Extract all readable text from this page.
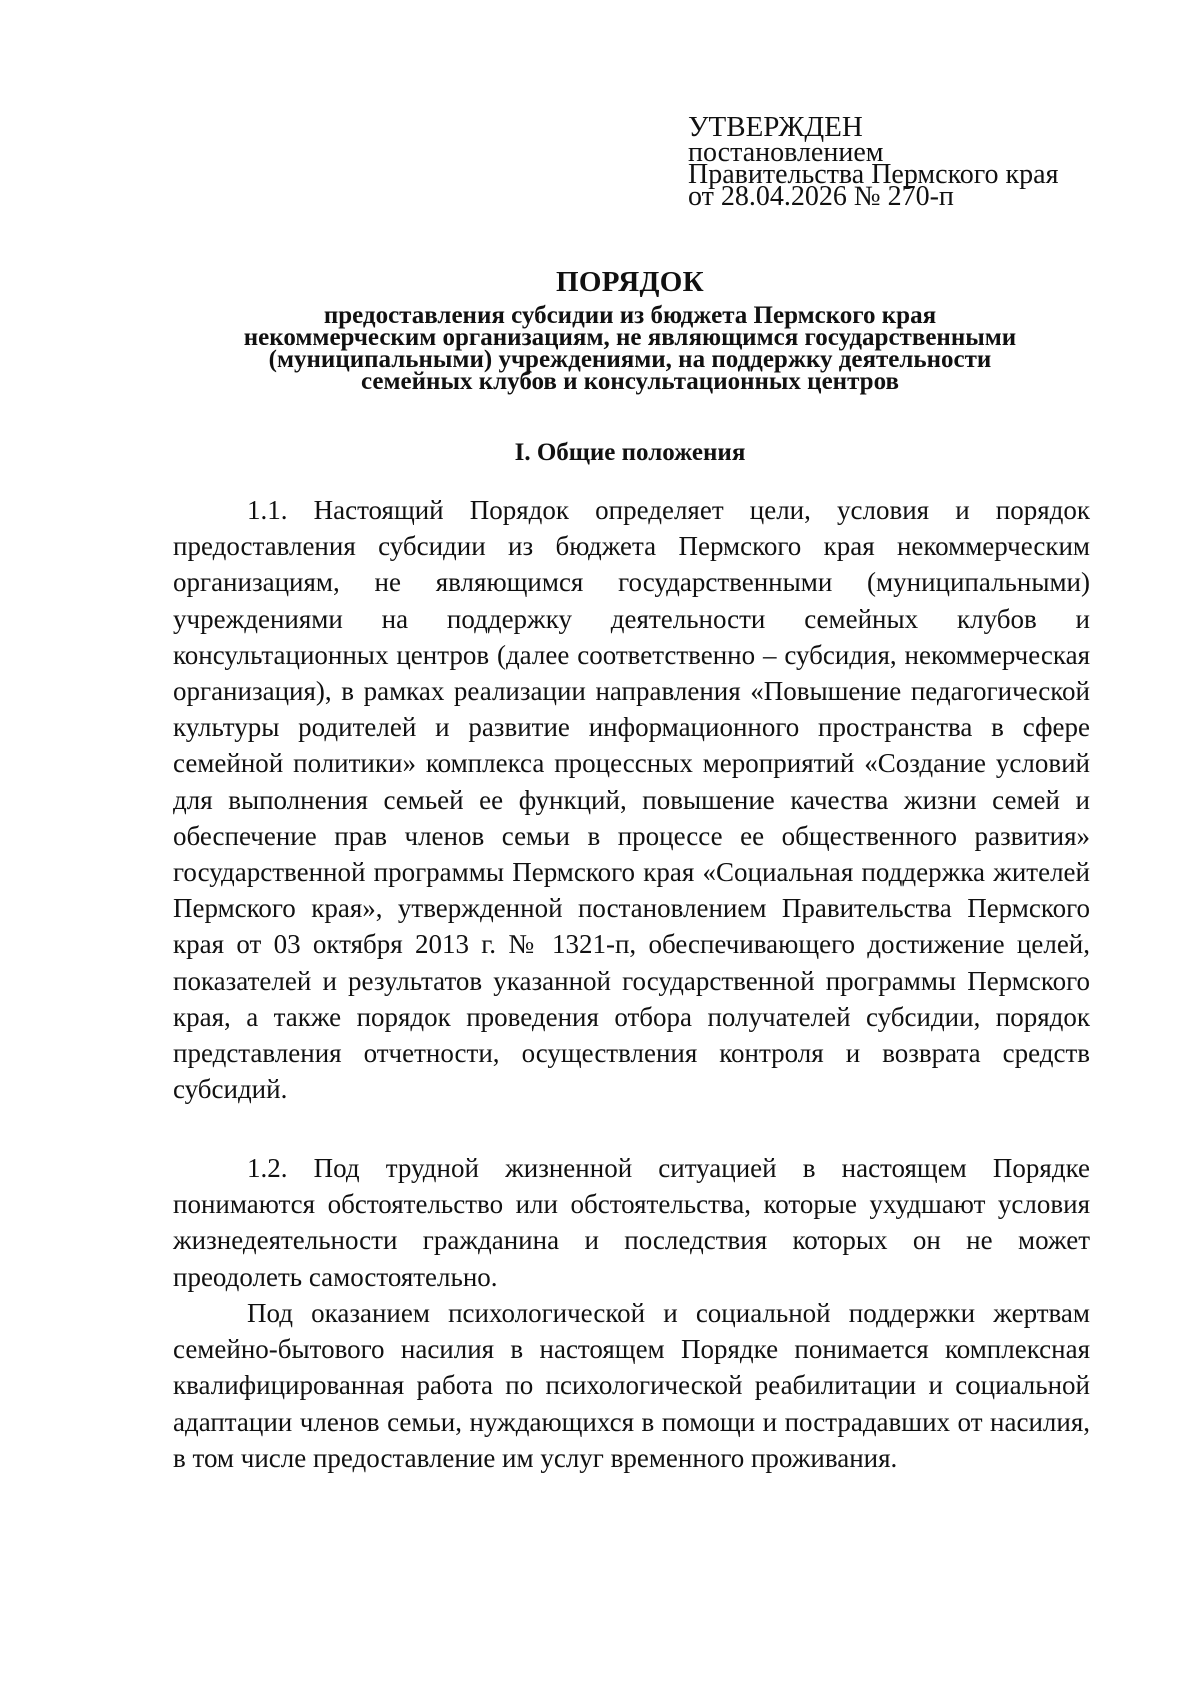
УТВЕРЖДЕН
постановлением
Правительства Пермского края
от 28.04.2026 № 270-п
ПОРЯДОК
предоставления субсидии из бюджета Пермского края
некоммерческим организациям, не являющимся государственными
(муниципальными) учреждениями, на поддержку деятельности
семейных клубов и консультационных центров
I. Общие положения

1.1. Настоящий Порядок определяет цели, условия и порядок предоставления субсидии из бюджета Пермского края некоммерческим организациям, не являющимся государственными (муниципальными) учреждениями на поддержку деятельности семейных клубов и консультационных центров (далее соответственно – субсидия, некоммерческая организация), в рамках реализации направления «Повышение педагогической культуры родителей и развитие информационного пространства в сфере семейной политики» комплекса процессных мероприятий «Создание условий для выполнения семьей ее функций, повышение качества жизни семей и обеспечение прав членов семьи в процессе ее общественного развития» государственной программы Пермского края «Социальная поддержка жителей Пермского края», утвержденной постановлением Правительства Пермского края от 03 октября 2013 г. № 1321-п, обеспечивающего достижение целей, показателей и результатов указанной государственной программы Пермского края, а также порядок проведения отбора получателей субсидии, порядок представления отчетности, осуществления контроля и возврата средств субсидий.

1.2. Под трудной жизненной ситуацией в настоящем Порядке понимаются обстоятельство или обстоятельства, которые ухудшают условия жизнедеятельности гражданина и последствия которых он не может преодолеть самостоятельно.

Под оказанием психологической и социальной поддержки жертвам семейно-бытового насилия в настоящем Порядке понимается комплексная квалифицированная работа по психологической реабилитации и социальной адаптации членов семьи, нуждающихся в помощи и пострадавших от насилия, в том числе предоставление им услуг временного проживания.
